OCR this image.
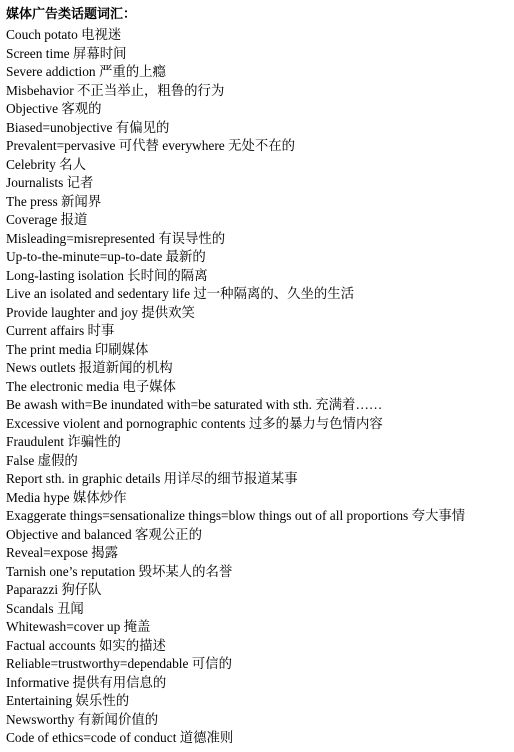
媒体广告类话题词汇：
Couch potato 电视迷
Screen time 屏幕时间
Severe addiction 严重的上瘾
Misbehavior 不正当举止，粗鲁的行为
Objective 客观的
Biased=unobjective 有偏见的
Prevalent=pervasive 可代替 everywhere 无处不在的
Celebrity 名人
Journalists 记者
The press 新闻界
Coverage 报道
Misleading=misrepresented 有误导性的
Up-to-the-minute=up-to-date 最新的
Long-lasting isolation 长时间的隔离
Live an isolated and sedentary life 过一种隔离的、久坐的生活
Provide laughter and joy 提供欢笑
Current affairs 时事
The print media 印刷媒体
News outlets 报道新闻的机构
The electronic media 电子媒体
Be awash with=Be inundated with=be saturated with sth. 充满着……
Excessive violent and pornographic contents 过多的暴力与色情内容
Fraudulent 诈骗性的
False 虚假的
Report sth. in graphic details 用详尽的细节报道某事
Media hype 媒体炒作
Exaggerate things=sensationalize things=blow things out of all proportions 夸大事情
Objective and balanced 客观公正的
Reveal=expose 揭露
Tarnish one’s reputation 毁坏某人的名誉
Paparazzi 狗仔队
Scandals 丑闻
Whitewash=cover up 掩盖
Factual accounts 如实的描述
Reliable=trustworthy=dependable 可信的
Informative 提供有用信息的
Entertaining 娱乐性的
Newsworthy 有新闻价值的
Code of ethics=code of conduct 道德准则
